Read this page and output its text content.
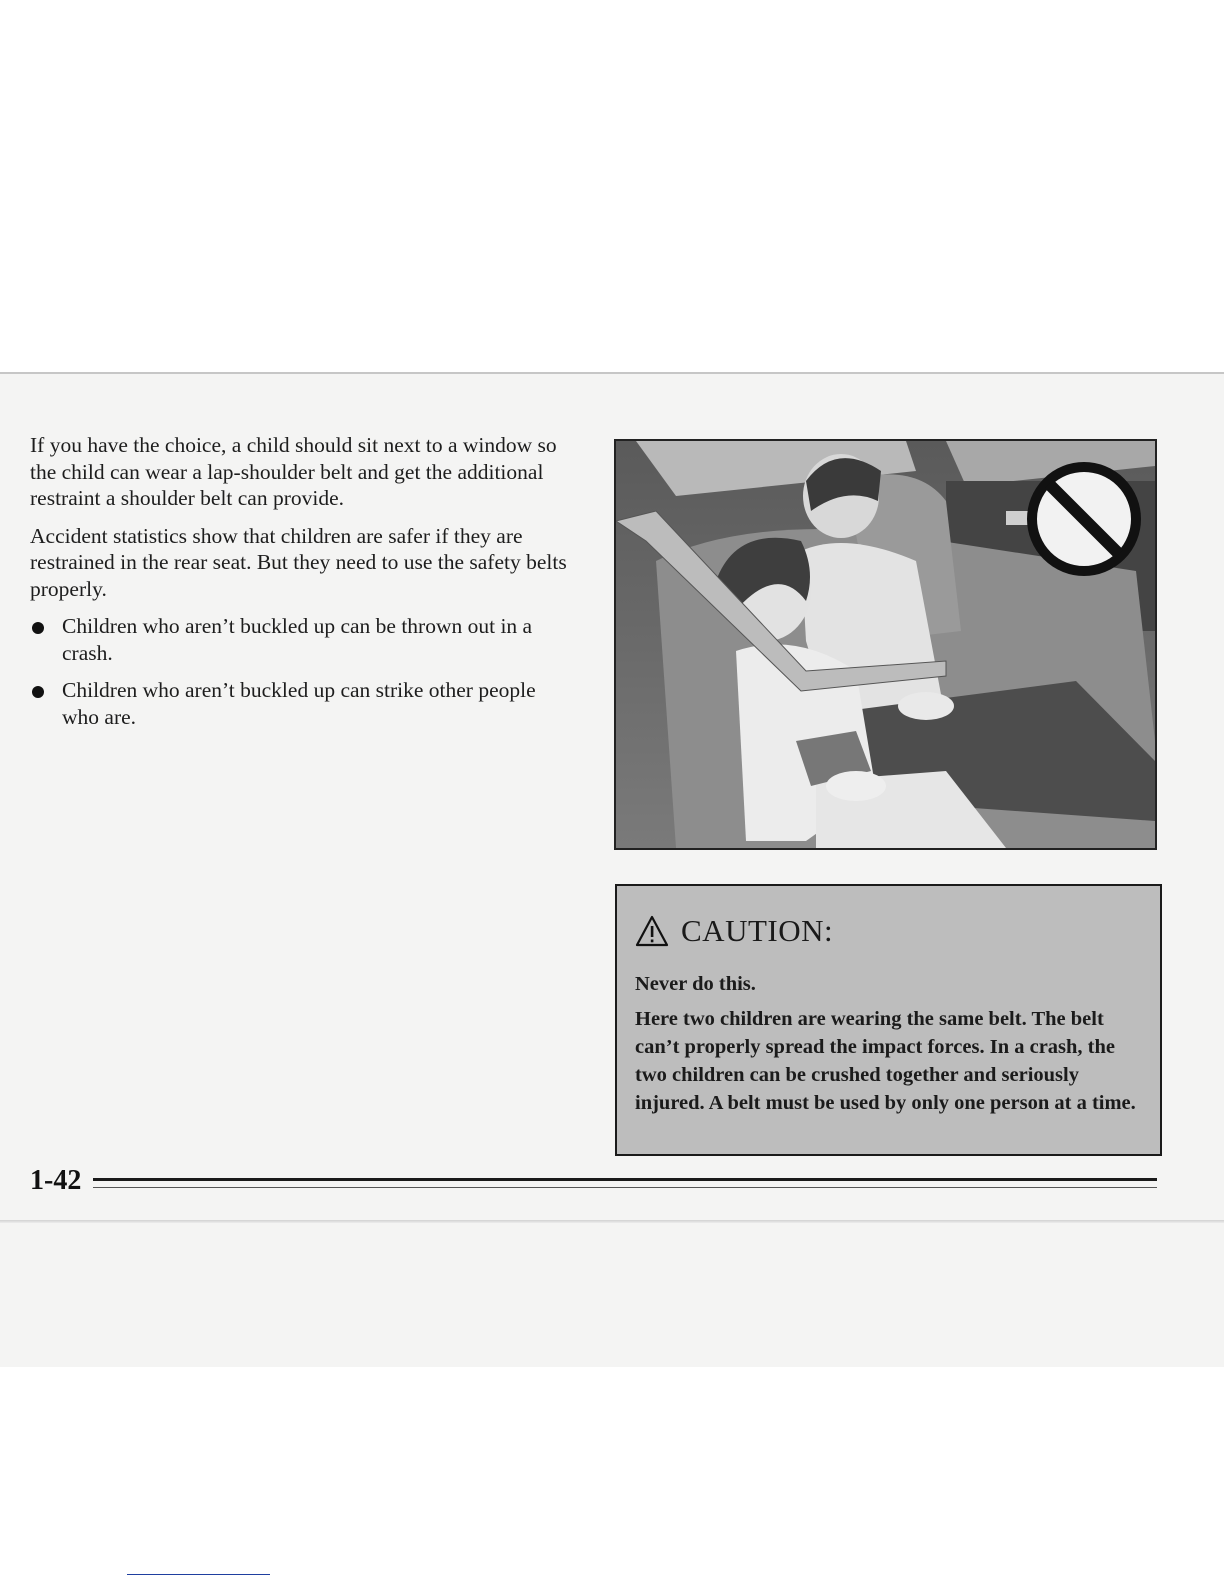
If you have the choice, a child should sit next to a window so the child can wear a lap-shoulder belt and get the additional restraint a shoulder belt can provide.

Accident statistics show that children are safer if they are restrained in the rear seat. But they need to use the safety belts properly.

Children who aren’t buckled up can be thrown out in a crash.
Children who aren’t buckled up can strike other people who are.
CAUTION:

Never do this.

Here two children are wearing the same belt. The belt can’t properly spread the impact forces. In a crash, the two children can be crushed together and seriously injured. A belt must be used by only one person at a time.

1-42
